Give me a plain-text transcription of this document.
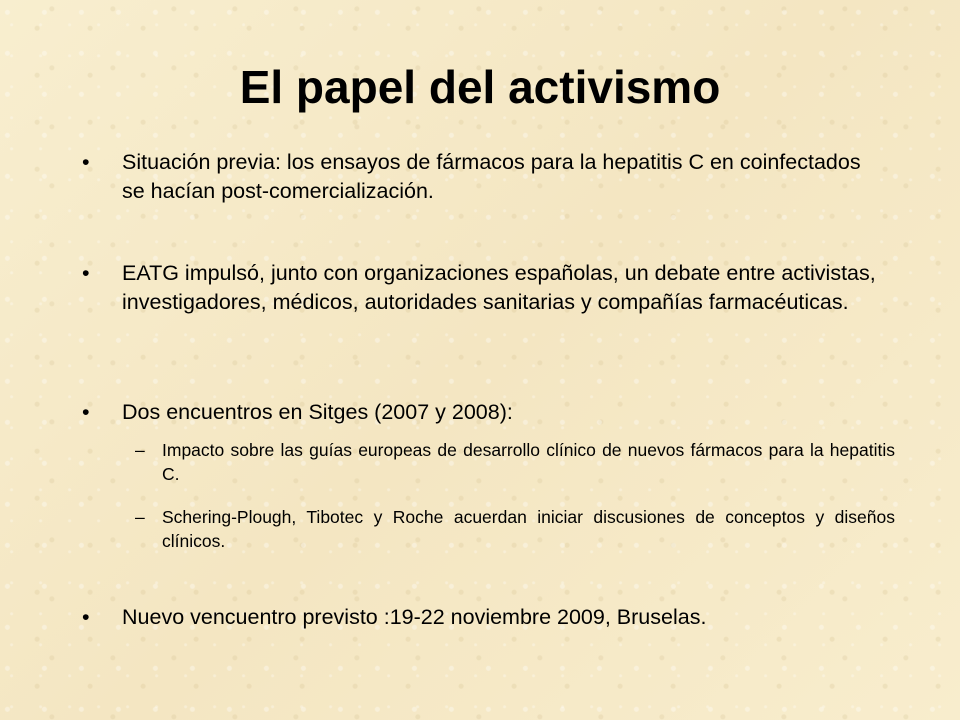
El papel del activismo
• Situación previa: los ensayos de fármacos para la hepatitis C en coinfectados se hacían post-comercialización.
• EATG impulsó, junto con organizaciones españolas, un debate entre activistas, investigadores, médicos, autoridades sanitarias y compañías farmacéuticas.
• Dos encuentros en Sitges (2007 y 2008):
– Impacto sobre las guías europeas de desarrollo clínico de nuevos fármacos para la hepatitis C.
– Schering-Plough, Tibotec y Roche acuerdan iniciar discusiones de conceptos y diseños clínicos.
• Nuevo vencuentro previsto :19-22 noviembre 2009, Bruselas.
